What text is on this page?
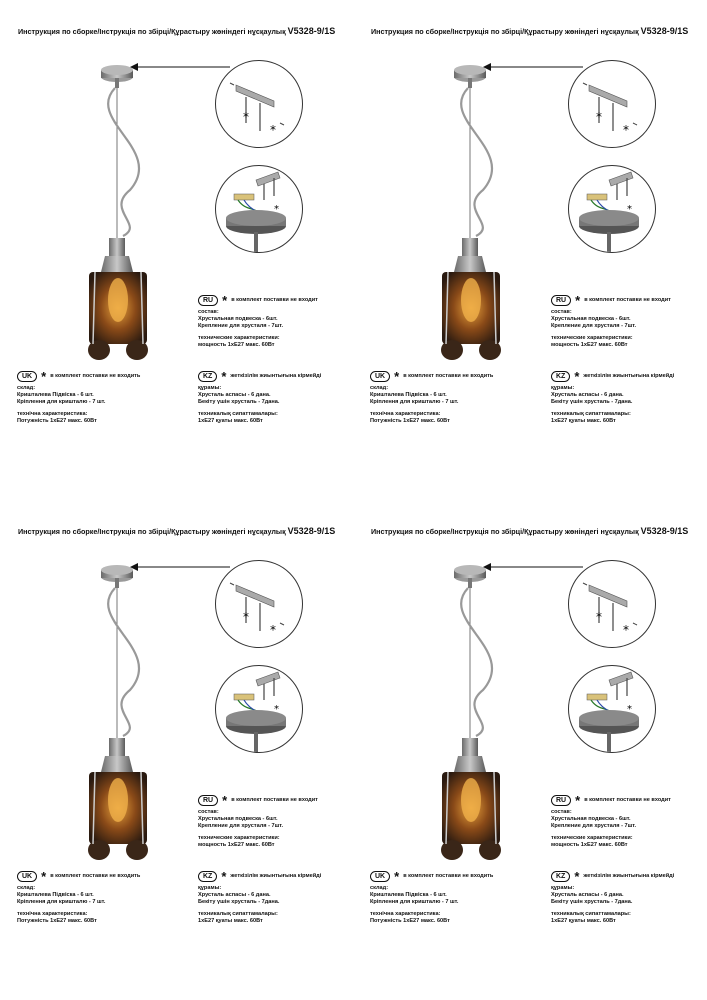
Инструкция по сборке/Інструкція по збірці/Құрастыру жөніндегі нұсқаулық V5328-9/1S
*
*
*
RU * в комплект поставки не входит
состав:
Хрустальная подвеска - 6шт.
Крепление для хрусталя - 7шт.
технические характеристики:
мощность 1xE27 макс. 60Вт
UK * в комплект поставки не входить
склад:
Кришталева Підвіска - 6 шт.
Кріплення для кришталю - 7 шт.
технічна характеристика:
Потужність 1xE27 макс. 60Вт
KZ * жеткізілім жиынтығына кірмейді
құрамы:
Хрусталь аспасы - 6 дана.
Бекіту үшін хрусталь - 7дана.
техникалық сипаттамалары:
1xE27 қуаты макс. 60Вт
Инструкция по сборке/Інструкція по збірці/Құрастыру жөніндегі нұсқаулық V5328-9/1S
*
*
*
RU * в комплект поставки не входит
состав:
Хрустальная подвеска - 6шт.
Крепление для хрусталя - 7шт.
технические характеристики:
мощность 1xE27 макс. 60Вт
UK * в комплект поставки не входить
склад:
Кришталева Підвіска - 6 шт.
Кріплення для кришталю - 7 шт.
технічна характеристика:
Потужність 1xE27 макс. 60Вт
KZ * жеткізілім жиынтығына кірмейді
құрамы:
Хрусталь аспасы - 6 дана.
Бекіту үшін хрусталь - 7дана.
техникалық сипаттамалары:
1xE27 қуаты макс. 60Вт
Инструкция по сборке/Інструкція по збірці/Құрастыру жөніндегі нұсқаулық V5328-9/1S
*
*
*
RU * в комплект поставки не входит
состав:
Хрустальная подвеска - 6шт.
Крепление для хрусталя - 7шт.
технические характеристики:
мощность 1xE27 макс. 60Вт
UK * в комплект поставки не входить
склад:
Кришталева Підвіска - 6 шт.
Кріплення для кришталю - 7 шт.
технічна характеристика:
Потужність 1xE27 макс. 60Вт
KZ * жеткізілім жиынтығына кірмейді
құрамы:
Хрусталь аспасы - 6 дана.
Бекіту үшін хрусталь - 7дана.
техникалық сипаттамалары:
1xE27 қуаты макс. 60Вт
Инструкция по сборке/Інструкція по збірці/Құрастыру жөніндегі нұсқаулық V5328-9/1S
*
*
*
RU * в комплект поставки не входит
состав:
Хрустальная подвеска - 6шт.
Крепление для хрусталя - 7шт.
технические характеристики:
мощность 1xE27 макс. 60Вт
UK * в комплект поставки не входить
склад:
Кришталева Підвіска - 6 шт.
Кріплення для кришталю - 7 шт.
технічна характеристика:
Потужність 1xE27 макс. 60Вт
KZ * жеткізілім жиынтығына кірмейді
құрамы:
Хрусталь аспасы - 6 дана.
Бекіту үшін хрусталь - 7дана.
техникалық сипаттамалары:
1xE27 қуаты макс. 60Вт
